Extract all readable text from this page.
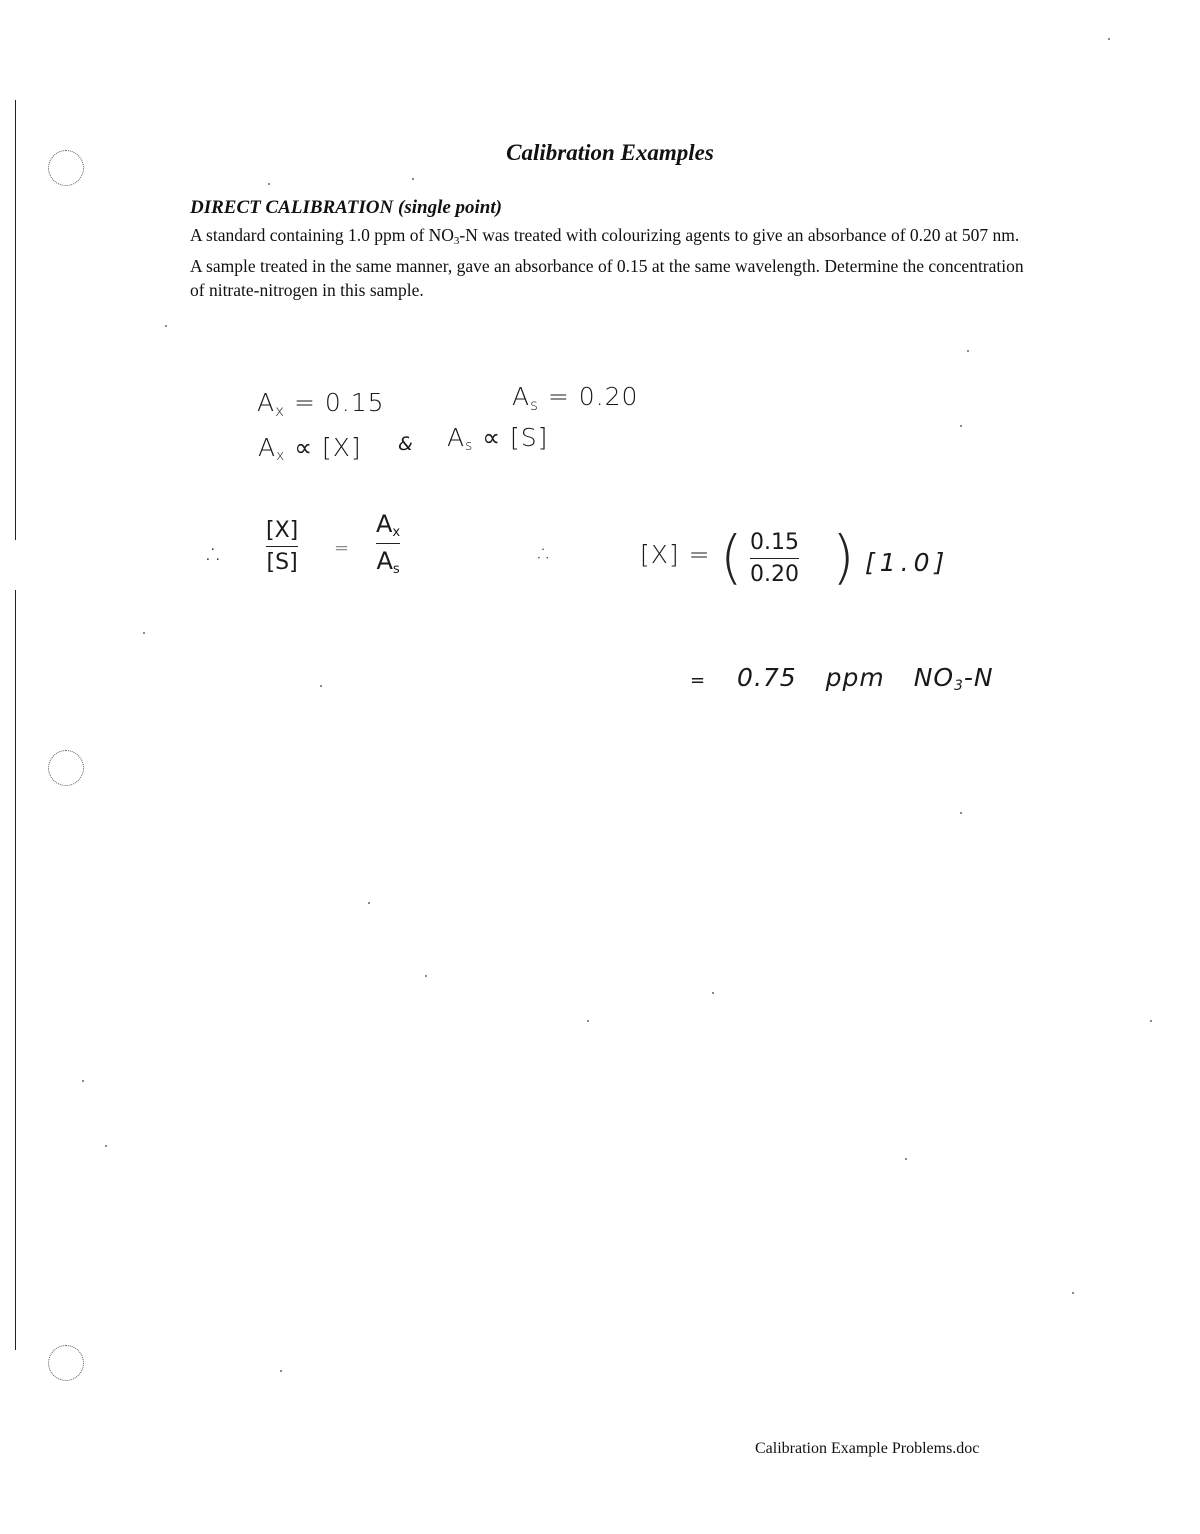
Calibration Examples
DIRECT CALIBRATION (single point)

A standard containing 1.0 ppm of $NO_3-N$ was treated with colourizing agents to give an absorbance of 0.20 at 507 nm. A sample treated in the same manner, gave an absorbance of 0.15 at the same wavelength. Determine the concentration of nitrate-nitrogen in this sample.

$A_x = 0.15$	$A_s = 0.20$
Ax ∝ [X] & As ∝ [S]
∴
[X]
[S]
=
Ax
As
∴	[X] = ( 0.15
0.20 ) [1.0]
= 0.75 ppm NO3-N

Calibration Example Problems.doc
